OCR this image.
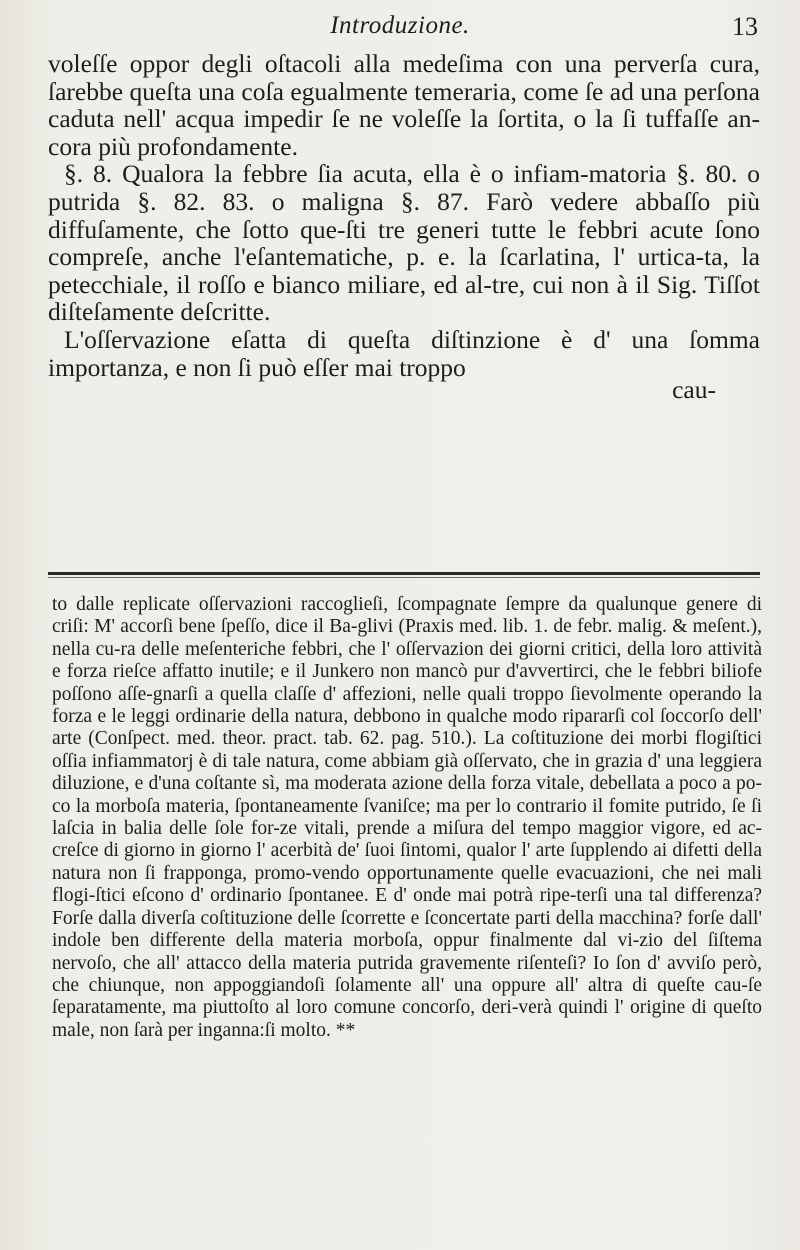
Introduzione.	13

voleſſe oppor degli oſtacoli alla medeſima con una perverſa cura, ſarebbe queſta una coſa egualmente temeraria, come ſe ad una perſona caduta nell' acqua impedir ſe ne voleſſe la ſortita, o la ſi tuffaſſe an-cora più profondamente.

§. 8. Qualora la febbre ſia acuta, ella è o infiam-matoria §. 80. o putrida §. 82. 83. o maligna §. 87. Farò vedere abbaſſo più diffuſamente, che ſotto que-ſti tre generi tutte le febbri acute ſono compreſe, anche l'eſantematiche, p. e. la ſcarlatina, l' urtica-ta, la petecchiale, il roſſo e bianco miliare, ed al-tre, cui non à il Sig. Tiſſot diſteſamente deſcritte.

L'oſſervazione eſatta di queſta diſtinzione è d' una ſomma importanza, e non ſi può eſſer mai troppo

cau-
to dalle replicate oſſervazioni raccoglieſi, ſcompagnate ſempre da qualunque genere di criſi: M' accorſi bene ſpeſſo, dice il Ba-glivi (Praxis med. lib. 1. de febr. malig. & meſent.), nella cu-ra delle meſenteriche febbri, che l' oſſervazion dei giorni critici, della loro attività e forza rieſce affatto inutile; e il Junkero non mancò pur d'avvertirci, che le febbri biliofe poſſono aſſe-gnarſi a quella claſſe d' affezioni, nelle quali troppo ſievolmente operando la forza e le leggi ordinarie della natura, debbono in qualche modo ripararſi col ſoccorſo dell' arte (Conſpect. med. theor. pract. tab. 62. pag. 510.). La coſtituzione dei morbi flogiſtici oſſia infiammatorj è di tale natura, come abbiam già oſſervato, che in grazia d' una leggiera diluzione, e d'una coſtante sì, ma moderata azione della forza vitale, debellata a poco a po-co la morboſa materia, ſpontaneamente ſvaniſce; ma per lo contrario il fomite putrido, ſe ſi laſcia in balia delle ſole for-ze vitali, prende a miſura del tempo maggior vigore, ed ac-creſce di giorno in giorno l' acerbità de' ſuoi ſintomi, qualor l' arte ſupplendo ai difetti della natura non ſi frapponga, promo-vendo opportunamente quelle evacuazioni, che nei mali flogi-ſtici eſcono d' ordinario ſpontanee. E d' onde mai potrà ripe-terſi una tal differenza? Forſe dalla diverſa coſtituzione delle ſcorrette e ſconcertate parti della macchina? forſe dall' indole ben differente della materia morboſa, oppur finalmente dal vi-zio del ſiſtema nervoſo, che all' attacco della materia putrida gravemente riſenteſi? Io ſon d' avviſo però, che chiunque, non appoggiandoſi ſolamente all' una oppure all' altra di queſte cau-ſe ſeparatamente, ma piuttoſto al loro comune concorſo, deri-verà quindi l' origine di queſto male, non ſarà per inganna:ſi molto. **
